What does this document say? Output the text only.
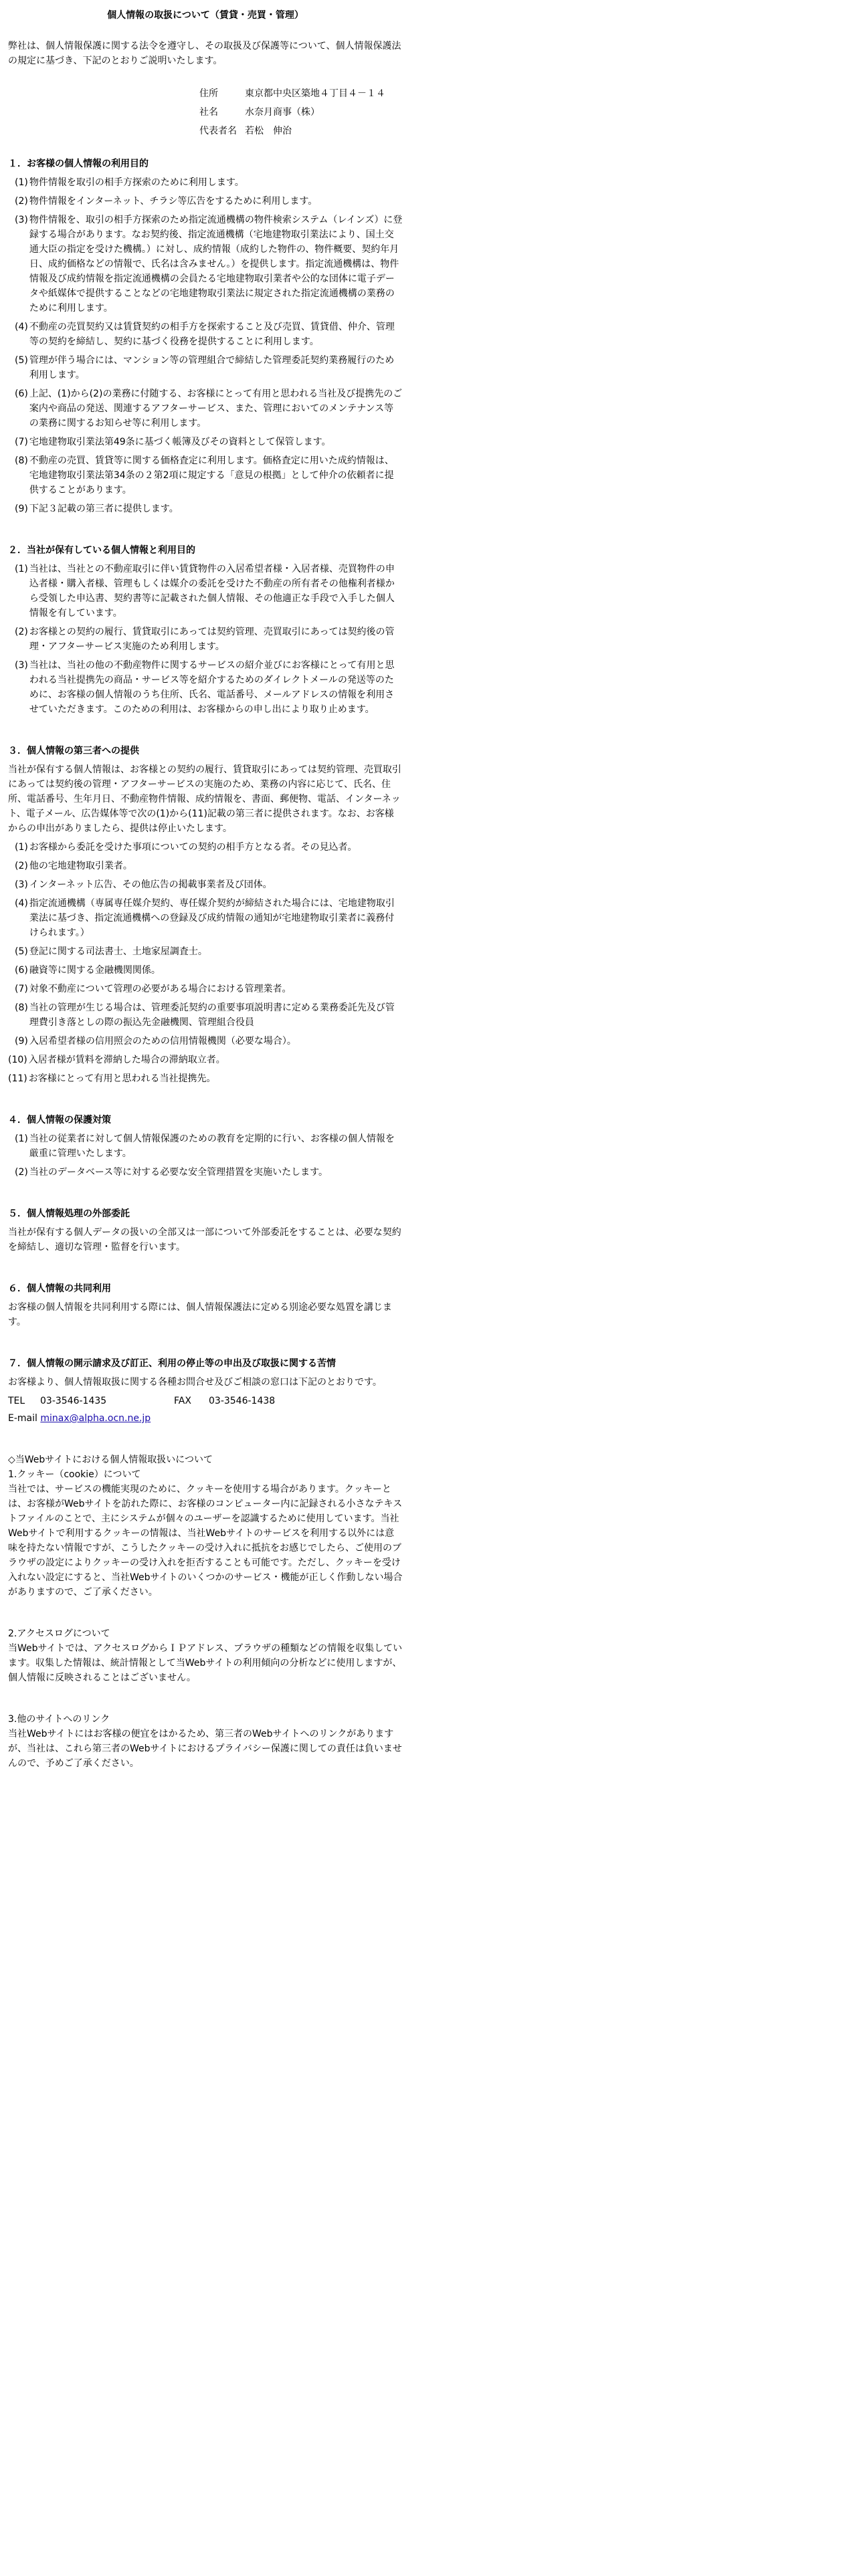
個人情報の取扱について（賃貸・売買・管理）
弊社は、個人情報保護に関する法令を遵守し、その取扱及び保護等について、個人情報保護法の規定に基づき、下記のとおりご説明いたします。
住所	東京都中央区築地４丁目４－１４
社名	水奈月商事（株）
代表者名	若松　伸治
１．お客様の個人情報の利用目的
(1) 物件情報を取引の相手方探索のために利用します。
(2) 物件情報をインターネット、チラシ等広告をするために利用します。
(3) 物件情報を、取引の相手方探索のため指定流通機構の物件検索システム（レインズ）に登録する場合があります。なお契約後、指定流通機構（宅地建物取引業法により、国土交通大臣の指定を受けた機構。）に対し、成約情報（成約した物件の、物件概要、契約年月日、成約価格などの情報で、氏名は含みません。）を提供します。指定流通機構は、物件情報及び成約情報を指定流通機構の会員たる宅地建物取引業者や公的な団体に電子データや紙媒体で提供することなどの宅地建物取引業法に規定された指定流通機構の業務のために利用します。
(4) 不動産の売買契約又は賃貸契約の相手方を探索すること及び売買、賃貸借、仲介、管理等の契約を締結し、契約に基づく役務を提供することに利用します。
(5) 管理が伴う場合には、マンション等の管理組合で締結した管理委託契約業務履行のため利用します。
(6) 上記、(1)から(2)の業務に付随する、お客様にとって有用と思われる当社及び提携先のご案内や商品の発送、関連するアフターサービス、また、管理においてのメンテナンス等の業務に関するお知らせ等に利用します。
(7) 宅地建物取引業法第49条に基づく帳簿及びその資料として保管します。
(8) 不動産の売買、賃貸等に関する価格査定に利用します。価格査定に用いた成約情報は、宅地建物取引業法第34条の２第2項に規定する「意見の根拠」として仲介の依頼者に提供することがあります。
(9) 下記３記載の第三者に提供します。
２．当社が保有している個人情報と利用目的
(1) 当社は、当社との不動産取引に伴い賃貸物件の入居希望者様・入居者様、売買物件の申込者様・購入者様、管理もしくは媒介の委託を受けた不動産の所有者その他権利者様から受領した申込書、契約書等に記載された個人情報、その他適正な手段で入手した個人情報を有しています。
(2) お客様との契約の履行、賃貸取引にあっては契約管理、売買取引にあっては契約後の管理・アフターサービス実施のため利用します。
(3) 当社は、当社の他の不動産物件に関するサービスの紹介並びにお客様にとって有用と思われる当社提携先の商品・サービス等を紹介するためのダイレクトメールの発送等のために、お客様の個人情報のうち住所、氏名、電話番号、メールアドレスの情報を利用させていただきます。このための利用は、お客様からの申し出により取り止めます。
３．個人情報の第三者への提供
当社が保有する個人情報は、お客様との契約の履行、賃貸取引にあっては契約管理、売買取引にあっては契約後の管理・アフターサービスの実施のため、業務の内容に応じて、氏名、住所、電話番号、生年月日、不動産物件情報、成約情報を、書面、郵便物、電話、インターネット、電子メール、広告媒体等で次の(1)から(11)記載の第三者に提供されます。なお、お客様からの申出がありましたら、提供は停止いたします。
(1) お客様から委託を受けた事項についての契約の相手方となる者。その見込者。
(2) 他の宅地建物取引業者。
(3) インターネット広告、その他広告の掲載事業者及び団体。
(4) 指定流通機構（専属専任媒介契約、専任媒介契約が締結された場合には、宅地建物取引業法に基づき、指定流通機構への登録及び成約情報の通知が宅地建物取引業者に義務付けられます。）
(5) 登記に関する司法書士、土地家屋調査士。
(6) 融資等に関する金融機関関係。
(7) 対象不動産について管理の必要がある場合における管理業者。
(8) 当社の管理が生じる場合は、管理委託契約の重要事項説明書に定める業務委託先及び管理費引き落としの際の振込先金融機関、管理組合役員
(9) 入居希望者様の信用照会のための信用情報機関（必要な場合）。
(10) 入居者様が賃料を滞納した場合の滞納取立者。
(11) お客様にとって有用と思われる当社提携先。
４．個人情報の保護対策
(1) 当社の従業者に対して個人情報保護のための教育を定期的に行い、お客様の個人情報を厳重に管理いたします。
(2) 当社のデータベース等に対する必要な安全管理措置を実施いたします。
５．個人情報処理の外部委託
当社が保有する個人データの扱いの全部又は一部について外部委託をすることは、必要な契約を締結し、適切な管理・監督を行います。
６．個人情報の共同利用
お客様の個人情報を共同利用する際には、個人情報保護法に定める別途必要な処置を講じます。
７．個人情報の開示請求及び訂正、利用の停止等の申出及び取扱に関する苦情
お客様より、個人情報取扱に関する各種お問合せ及びご相談の窓口は下記のとおりです。
TEL 03-3546-1435	FAX 03-3546-1438
E-mail minax@alpha.ocn.ne.jp
◇当Webサイトにおける個人情報取扱いについて
1.クッキー（cookie）について
当社では、サービスの機能実現のために、クッキーを使用する場合があります。クッキーとは、お客様がWebサイトを訪れた際に、お客様のコンピューター内に記録される小さなテキストファイルのことで、主にシステムが個々のユーザーを認識するために使用しています。当社Webサイトで利用するクッキーの情報は、当社Webサイトのサービスを利用する以外には意味を持たない情報ですが、こうしたクッキーの受け入れに抵抗をお感じでしたら、ご使用のブラウザの設定によりクッキーの受け入れを拒否することも可能です。ただし、クッキーを受け入れない設定にすると、当社Webサイトのいくつかのサービス・機能が正しく作動しない場合がありますので、ご了承ください。
2.アクセスログについて
当Webサイトでは、アクセスログからＩＰアドレス、ブラウザの種類などの情報を収集しています。収集した情報は、統計情報として当Webサイトの利用傾向の分析などに使用しますが、個人情報に反映されることはございません。
3.他のサイトへのリンク
当社Webサイトにはお客様の便宜をはかるため、第三者のWebサイトへのリンクがありますが、当社は、これら第三者のWebサイトにおけるプライバシー保護に関しての責任は負いませんので、予めご了承ください。
